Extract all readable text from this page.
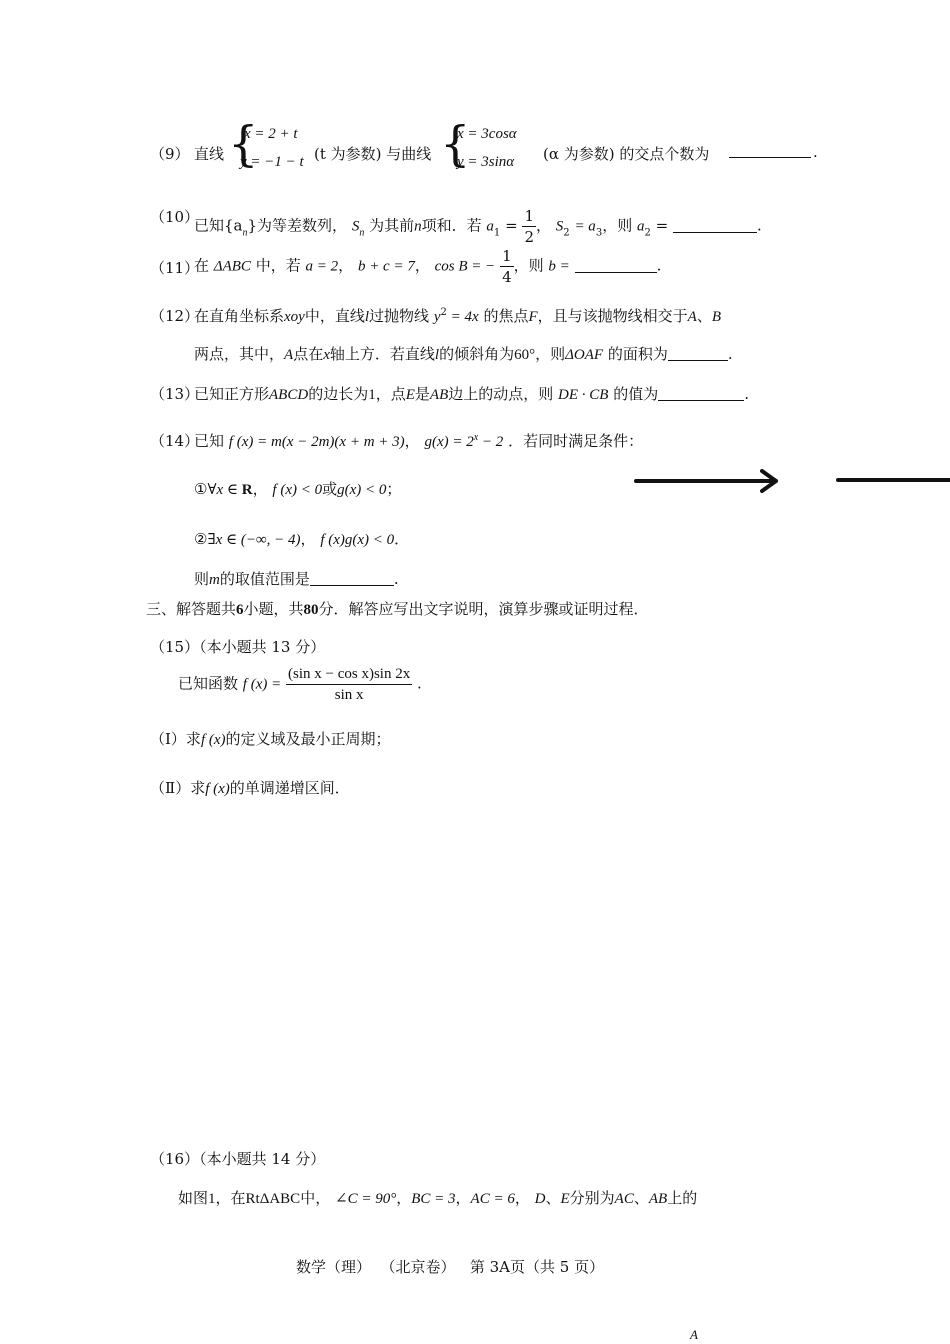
（9） 直线 {
x = 2 + t
y = −1 − t (t 为参数) 与曲线 {
x = 3cosα
y = 3sinα (α 为参数) 的交点个数为	.
（10）
已知$\{a_n\}$为等差数列， $S_n$ 为其前n项和．若 $a_1 = \frac{1}{2}$ ， $S_2 = a_3$，则 $a_2$ =	.
（11）
在 ΔABC 中，若 a = 2， b + c = 7， cos B = − $\frac{1}{4}$ ，则 b =	.
（12）
在直角坐标系xoy中，直线l过抛物线 $y^2 = 4x$ 的焦点F，且与该抛物线相交于A、B
两点，其中，A点在x轴上方．若直线l的倾斜角为60°，则ΔOAF 的面积为	.
（13）
已知正方形ABCD的边长为1，点E是AB边上的动点，则 DE · CB 的值为	.
（14）
已知 f (x) = m(x − 2m)(x + m + 3)， $g(x) = 2^x - 2$ ．若同时满足条件：
①∀x ∈ R， f (x) < 0或g(x) < 0；
②∃x ∈ (−∞, − 4)， f (x)g(x) < 0．
则m的取值范围是	.
三、解答题共6小题，共80分．解答应写出文字说明，演算步骤或证明过程．
（15）（本小题共 13 分）
已知函数 f $(x) = \frac{\text{(sin x − cos x)sin 2x}}{\text{sin x}}$ .
（Ⅰ）求f (x)的定义域及最小正周期；
（Ⅱ）求f (x)的单调递增区间．
（16）（本小题共 14 分）
如图1，在RtΔABC中， ∠C = 90°，BC = 3，AC = 6， D、E分别为AC、AB上的
数学（理）  （北京卷）   第 3A页（共 5 页）
A
